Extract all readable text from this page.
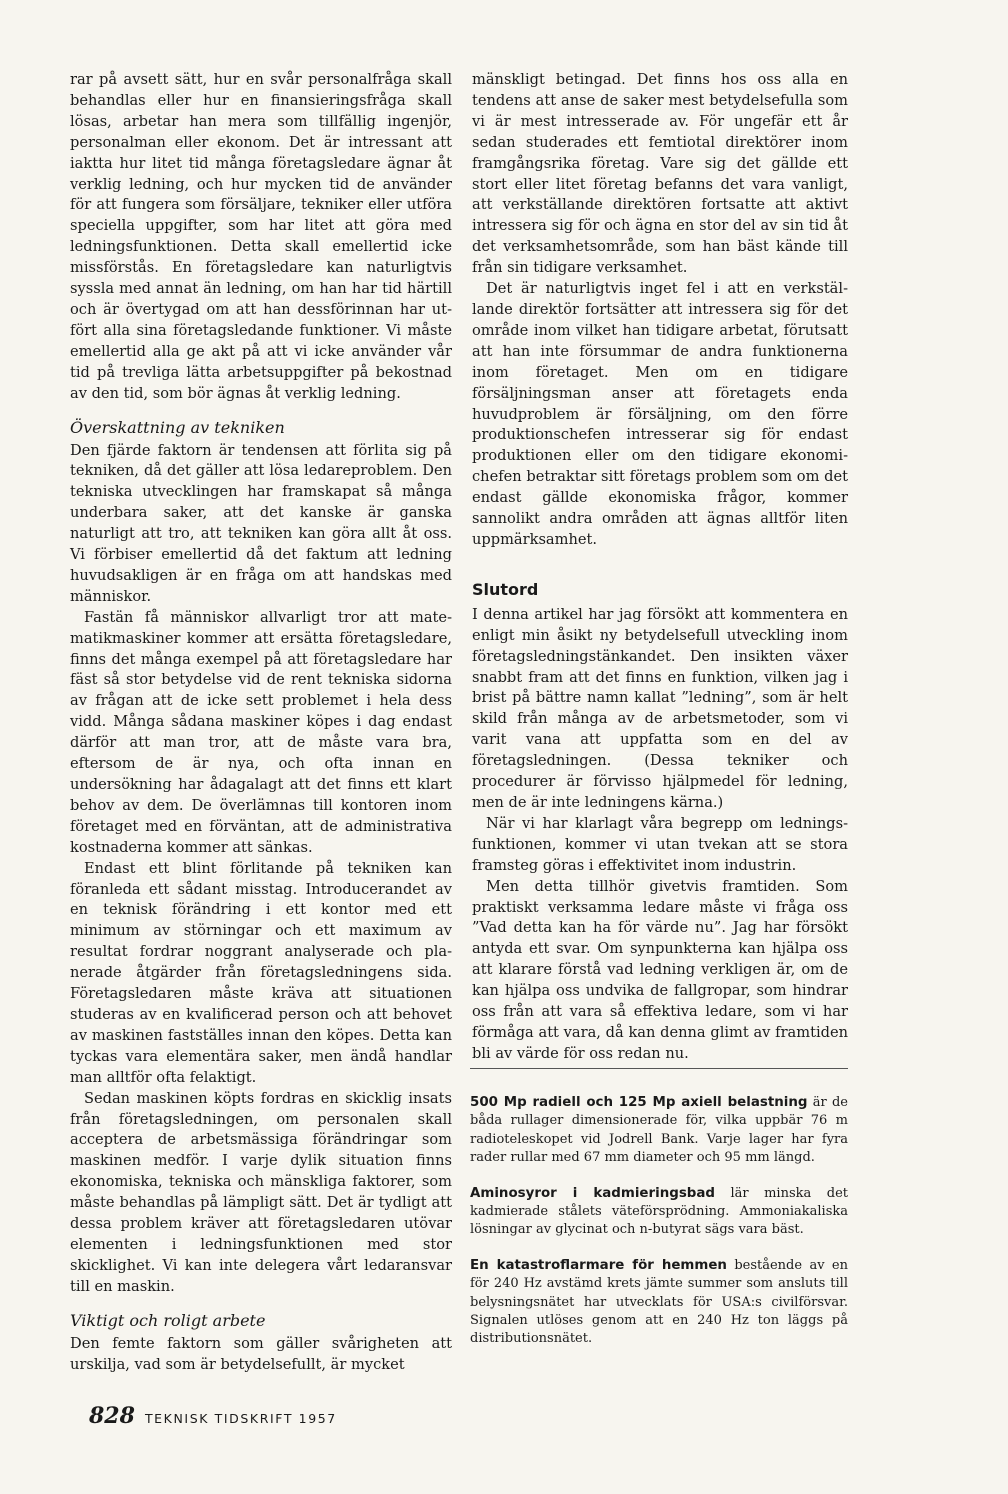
rar på avsett sätt, hur en svår personalfråga skall behandlas eller hur en finansieringsfråga skall lösas, arbetar han mera som tillfällig ingenjör, personalman eller ekonom. Det är intressant att iaktta hur litet tid många företagsledare ägnar åt verklig ledning, och hur mycken tid de använder för att fungera som försäljare, tekniker eller utföra speciella uppgifter, som har litet att göra med ledningsfunktionen. Detta skall emellertid icke missförstås. En företagsledare kan naturligtvis syssla med annat än ledning, om han har tid härtill och är övertygad om att han dessförinnan har utfört alla sina företagsledande funktioner. Vi måste emellertid alla ge akt på att vi icke använder vår tid på trevliga lätta arbetsuppgifter på bekostnad av den tid, som bör ägnas åt verklig ledning.

Överskattning av tekniken

Den fjärde faktorn är tendensen att förlita sig på tekniken, då det gäller att lösa ledareproblem. Den tekniska utvecklingen har framskapat så många underbara saker, att det kanske är ganska naturligt att tro, att tekniken kan göra allt åt oss. Vi förbiser emellertid då det faktum att ledning huvudsakligen är en fråga om att handskas med människor.

Fastän få människor allvarligt tror att matematikmaskiner kommer att ersätta företagsledare, finns det många exempel på att företagsledare har fäst så stor betydelse vid de rent tekniska sidorna av frågan att de icke sett problemet i hela dess vidd. Många sådana maskiner köpes i dag endast därför att man tror, att de måste vara bra, eftersom de är nya, och ofta innan en undersökning har ådagalagt att det finns ett klart behov av dem. De överlämnas till kontoren inom företaget med en förväntan, att de administrativa kostnaderna kommer att sänkas.

Endast ett blint förlitande på tekniken kan föranleda ett sådant misstag. Introducerandet av en teknisk förändring i ett kontor med ett minimum av störningar och ett maximum av resultat fordrar noggrant analyserade och planerade åtgärder från företagsledningens sida. Företagsledaren måste kräva att situationen studeras av en kvalificerad person och att behovet av maskinen fastställes innan den köpes. Detta kan tyckas vara elementära saker, men ändå handlar man alltför ofta felaktigt.

Sedan maskinen köpts fordras en skicklig insats från företagsledningen, om personalen skall acceptera de arbetsmässiga förändringar som maskinen medför. I varje dylik situation finns ekonomiska, tekniska och mänskliga faktorer, som måste behandlas på lämpligt sätt. Det är tydligt att dessa problem kräver att företagsledaren utövar elementen i ledningsfunktionen med stor skicklighet. Vi kan inte delegera vårt ledaransvar till en maskin.

Viktigt och roligt arbete

Den femte faktorn som gäller svårigheten att urskilja, vad som är betydelsefullt, är mycket

mänskligt betingad. Det finns hos oss alla en tendens att anse de saker mest betydelsefulla som vi är mest intresserade av. För ungefär ett år sedan studerades ett femtiotal direktörer inom framgångsrika företag. Vare sig det gällde ett stort eller litet företag befanns det vara vanligt, att verkställande direktören fortsatte att aktivt intressera sig för och ägna en stor del av sin tid åt det verksamhetsområde, som han bäst kände till från sin tidigare verksamhet.

Det är naturligtvis inget fel i att en verkställande direktör fortsätter att intressera sig för det område inom vilket han tidigare arbetat, förutsatt att han inte försummar de andra funktionerna inom företaget. Men om en tidigare försäljningsman anser att företagets enda huvudproblem är försäljning, om den förre produktionschefen intresserar sig för endast produktionen eller om den tidigare ekonomichefen betraktar sitt företags problem som om det endast gällde ekonomiska frågor, kommer sannolikt andra områden att ägnas alltför liten uppmärksamhet.

Slutord

I denna artikel har jag försökt att kommentera en enligt min åsikt ny betydelsefull utveckling inom företagsledningstänkandet. Den insikten växer snabbt fram att det finns en funktion, vilken jag i brist på bättre namn kallat ”ledning”, som är helt skild från många av de arbetsmetoder, som vi varit vana att uppfatta som en del av företagsledningen. (Dessa tekniker och procedurer är förvisso hjälpmedel för ledning, men de är inte ledningens kärna.)

När vi har klarlagt våra begrepp om ledningsfunktionen, kommer vi utan tvekan att se stora framsteg göras i effektivitet inom industrin.

Men detta tillhör givetvis framtiden. Som praktiskt verksamma ledare måste vi fråga oss ”Vad detta kan ha för värde nu”. Jag har försökt antyda ett svar. Om synpunkterna kan hjälpa oss att klarare förstå vad ledning verkligen är, om de kan hjälpa oss undvika de fallgropar, som hindrar oss från att vara så effektiva ledare, som vi har förmåga att vara, då kan denna glimt av framtiden bli av värde för oss redan nu.

500 Mp radiell och 125 Mp axiell belastning är de båda rullager dimensionerade för, vilka uppbär 76 m radioteleskopet vid Jodrell Bank. Varje lager har fyra rader rullar med 67 mm diameter och 95 mm längd.

Aminosyror i kadmieringsbad lär minska det kadmierade stålets väteförsprödning. Ammoniakaliska lösningar av glycinat och n-butyrat sägs vara bäst.

En katastroflarmare för hemmen bestående av en för 240 Hz avstämd krets jämte summer som ansluts till belysningsnätet har utvecklats för USA:s civilförsvar. Signalen utlöses genom att en 240 Hz ton läggs på distributionsnätet.

828 TEKNISK TIDSKRIFT 1957
